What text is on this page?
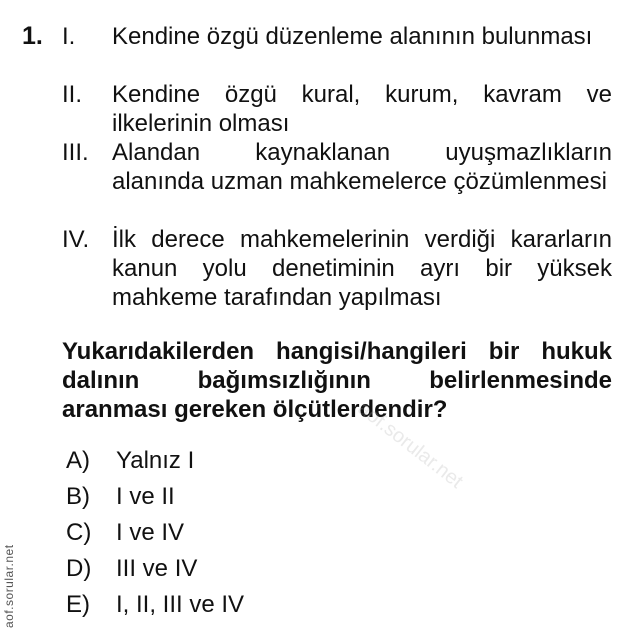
1. I. Kendine özgü düzenleme alanının bulunması
II. Kendine özgü kural, kurum, kavram ve ilkelerinin olması
III. Alandan kaynaklanan uyuşmazlıkların alanında uzman mahkemelerce çözümlenmesi
IV. İlk derece mahkemelerinin verdiği kararların kanun yolu denetiminin ayrı bir yüksek mahkeme tarafından yapılması
Yukarıdakilerden hangisi/hangileri bir hukuk dalının bağımsızlığının belirlenmesinde aranması gereken ölçütlerdendir?
A) Yalnız I
B) I ve II
C) I ve IV
D) III ve IV
E) I, II, III ve IV
aof.sorular.net
aof.sorular.net
